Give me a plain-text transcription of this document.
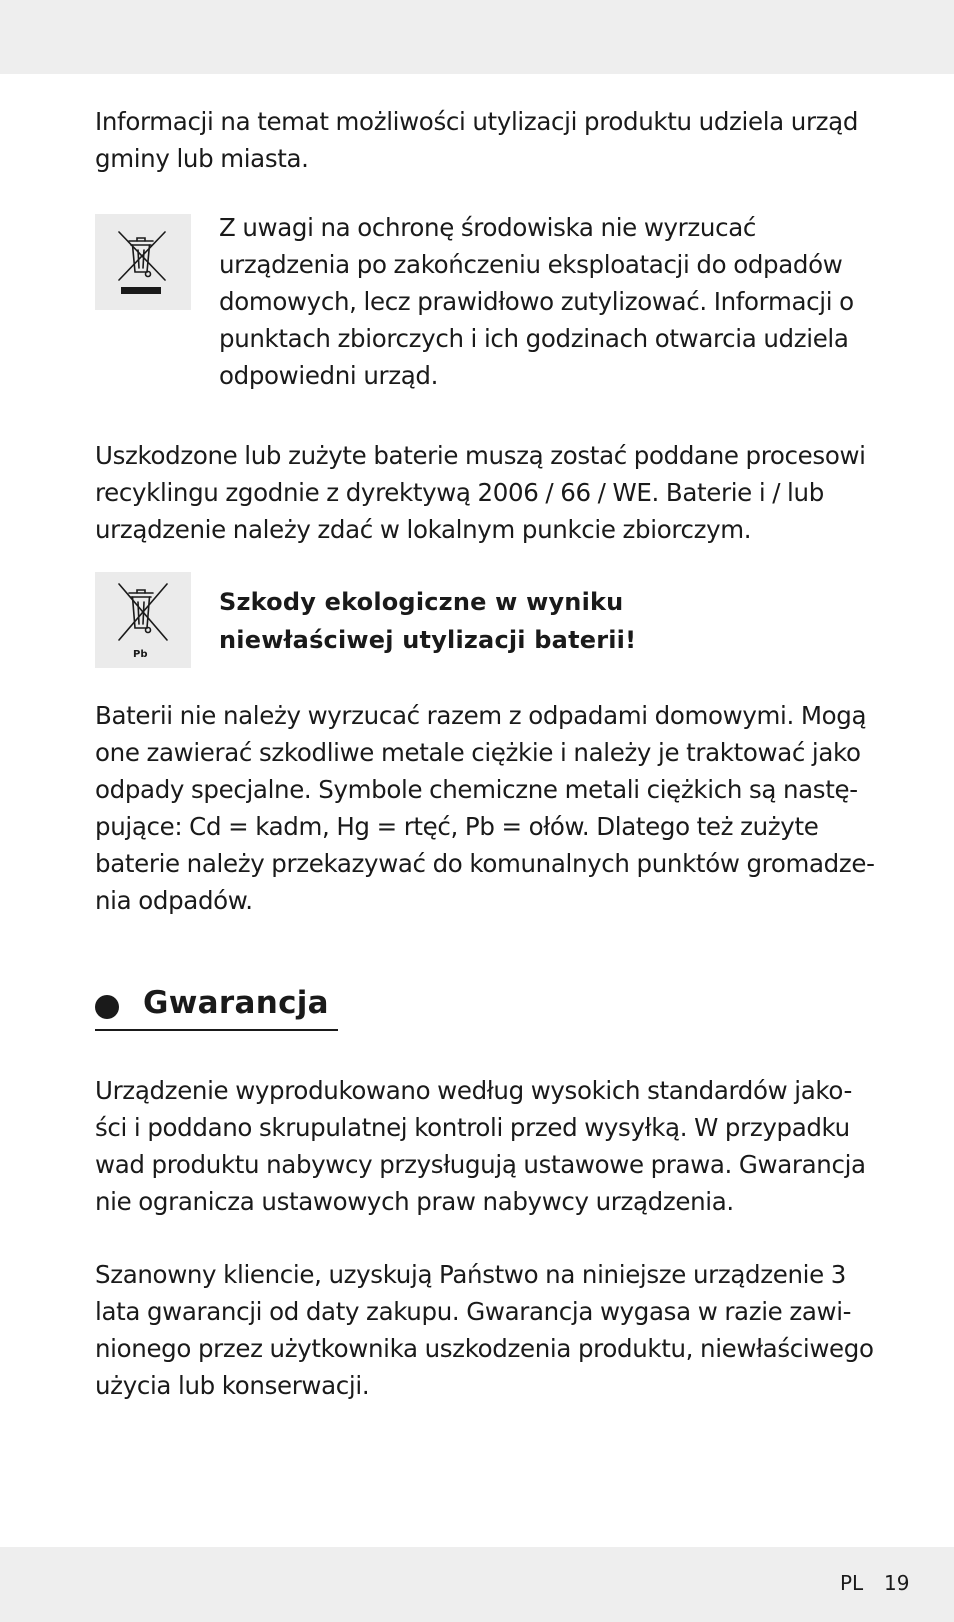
Informacji na temat możliwości utylizacji produktu udziela urząd
gminy lub miasta.

Z uwagi na ochronę środowiska nie wyrzucać
urządzenia po zakończeniu eksploatacji do odpadów
domowych, lecz prawidłowo zutylizować. Informacji o
punktach zbiorczych i ich godzinach otwarcia udziela
odpowiedni urząd.

Uszkodzone lub zużyte baterie muszą zostać poddane procesowi
recyklingu zgodnie z dyrektywą 2006 / 66 / WE. Baterie i / lub
urządzenie należy zdać w lokalnym punkcie zbiorczym.

Pb

Szkody ekologiczne w wyniku
niewłaściwej utylizacji baterii!

Baterii nie należy wyrzucać razem z odpadami domowymi. Mogą
one zawierać szkodliwe metale ciężkie i należy je traktować jako
odpady specjalne. Symbole chemiczne metali ciężkich są nastę-
pujące: Cd = kadm, Hg = rtęć, Pb = ołów. Dlatego też zużyte
baterie należy przekazywać do komunalnych punktów gromadze-
nia odpadów.

Gwarancja

Urządzenie wyprodukowano według wysokich standardów jako-
ści i poddano skrupulatnej kontroli przed wysyłką. W przypadku
wad produktu nabywcy przysługują ustawowe prawa. Gwarancja
nie ogranicza ustawowych praw nabywcy urządzenia.

Szanowny kliencie, uzyskują Państwo na niniejsze urządzenie 3
lata gwarancji od daty zakupu. Gwarancja wygasa w razie zawi-
nionego przez użytkownika uszkodzenia produktu, niewłaściwego
użycia lub konserwacji.

PL 19
